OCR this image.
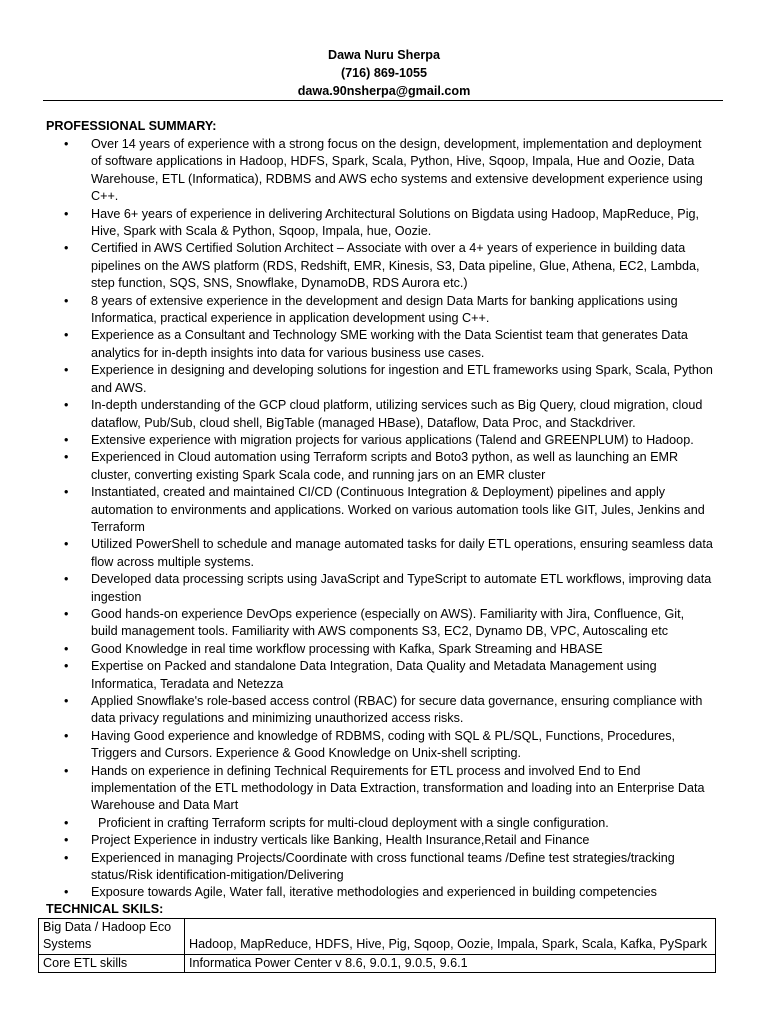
Dawa Nuru Sherpa
(716) 869-1055
dawa.90nsherpa@gmail.com
PROFESSIONAL SUMMARY:
• Over 14 years of experience with a strong focus on the design, development, implementation and deployment of software applications in Hadoop, HDFS, Spark, Scala, Python, Hive, Sqoop, Impala, Hue and Oozie, Data Warehouse, ETL (Informatica), RDBMS and AWS echo systems and extensive development experience using C++.
• Have 6+ years of experience in delivering Architectural Solutions on Bigdata using Hadoop, MapReduce, Pig, Hive, Spark with Scala & Python, Sqoop, Impala, hue, Oozie.
• Certified in AWS Certified Solution Architect – Associate with over a 4+ years of experience in building data pipelines on the AWS platform (RDS, Redshift, EMR, Kinesis, S3, Data pipeline, Glue, Athena, EC2, Lambda, step function, SQS, SNS, Snowflake, DynamoDB, RDS Aurora etc.)
• 8 years of extensive experience in the development and design Data Marts for banking applications using Informatica, practical experience in application development using C++.
• Experience as a Consultant and Technology SME working with the Data Scientist team that generates Data analytics for in-depth insights into data for various business use cases.
• Experience in designing and developing solutions for ingestion and ETL frameworks using Spark, Scala, Python and AWS.
• In-depth understanding of the GCP cloud platform, utilizing services such as Big Query, cloud migration, cloud dataflow, Pub/Sub, cloud shell, BigTable (managed HBase), Dataflow, Data Proc, and Stackdriver.
• Extensive experience with migration projects for various applications (Talend and GREENPLUM) to Hadoop.
• Experienced in Cloud automation using Terraform scripts and Boto3 python, as well as launching an EMR cluster, converting existing Spark Scala code, and running jars on an EMR cluster
• Instantiated, created and maintained CI/CD (Continuous Integration & Deployment) pipelines and apply automation to environments and applications. Worked on various automation tools like GIT, Jules, Jenkins and Terraform
• Utilized PowerShell to schedule and manage automated tasks for daily ETL operations, ensuring seamless data flow across multiple systems.
• Developed data processing scripts using JavaScript and TypeScript to automate ETL workflows, improving data ingestion
• Good hands-on experience DevOps experience (especially on AWS). Familiarity with Jira, Confluence, Git, build management tools. Familiarity with AWS components S3, EC2, Dynamo DB, VPC, Autoscaling etc
• Good Knowledge in real time workflow processing with Kafka, Spark Streaming and HBASE
• Expertise on Packed and standalone Data Integration, Data Quality and Metadata Management using Informatica, Teradata and Netezza
• Applied Snowflake's role-based access control (RBAC) for secure data governance, ensuring compliance with data privacy regulations and minimizing unauthorized access risks.
• Having Good experience and knowledge of RDBMS, coding with SQL & PL/SQL, Functions, Procedures, Triggers and Cursors. Experience & Good Knowledge on Unix-shell scripting.
• Hands on experience in defining Technical Requirements for ETL process and involved End to End implementation of the ETL methodology in Data Extraction, transformation and loading into an Enterprise Data Warehouse and Data Mart
• Proficient in crafting Terraform scripts for multi-cloud deployment with a single configuration.
• Project Experience in industry verticals like Banking, Health Insurance,Retail and Finance
• Experienced in managing Projects/Coordinate with cross functional teams /Define test strategies/tracking status/Risk identification-mitigation/Delivering
• Exposure towards Agile, Water fall, iterative methodologies and experienced in building competencies
TECHNICAL SKILS:
Big Data / Hadoop Eco Systems	Hadoop, MapReduce, HDFS, Hive, Pig, Sqoop, Oozie, Impala, Spark, Scala, Kafka, PySpark
Core ETL skills	Informatica Power Center v 8.6, 9.0.1, 9.0.5, 9.6.1
